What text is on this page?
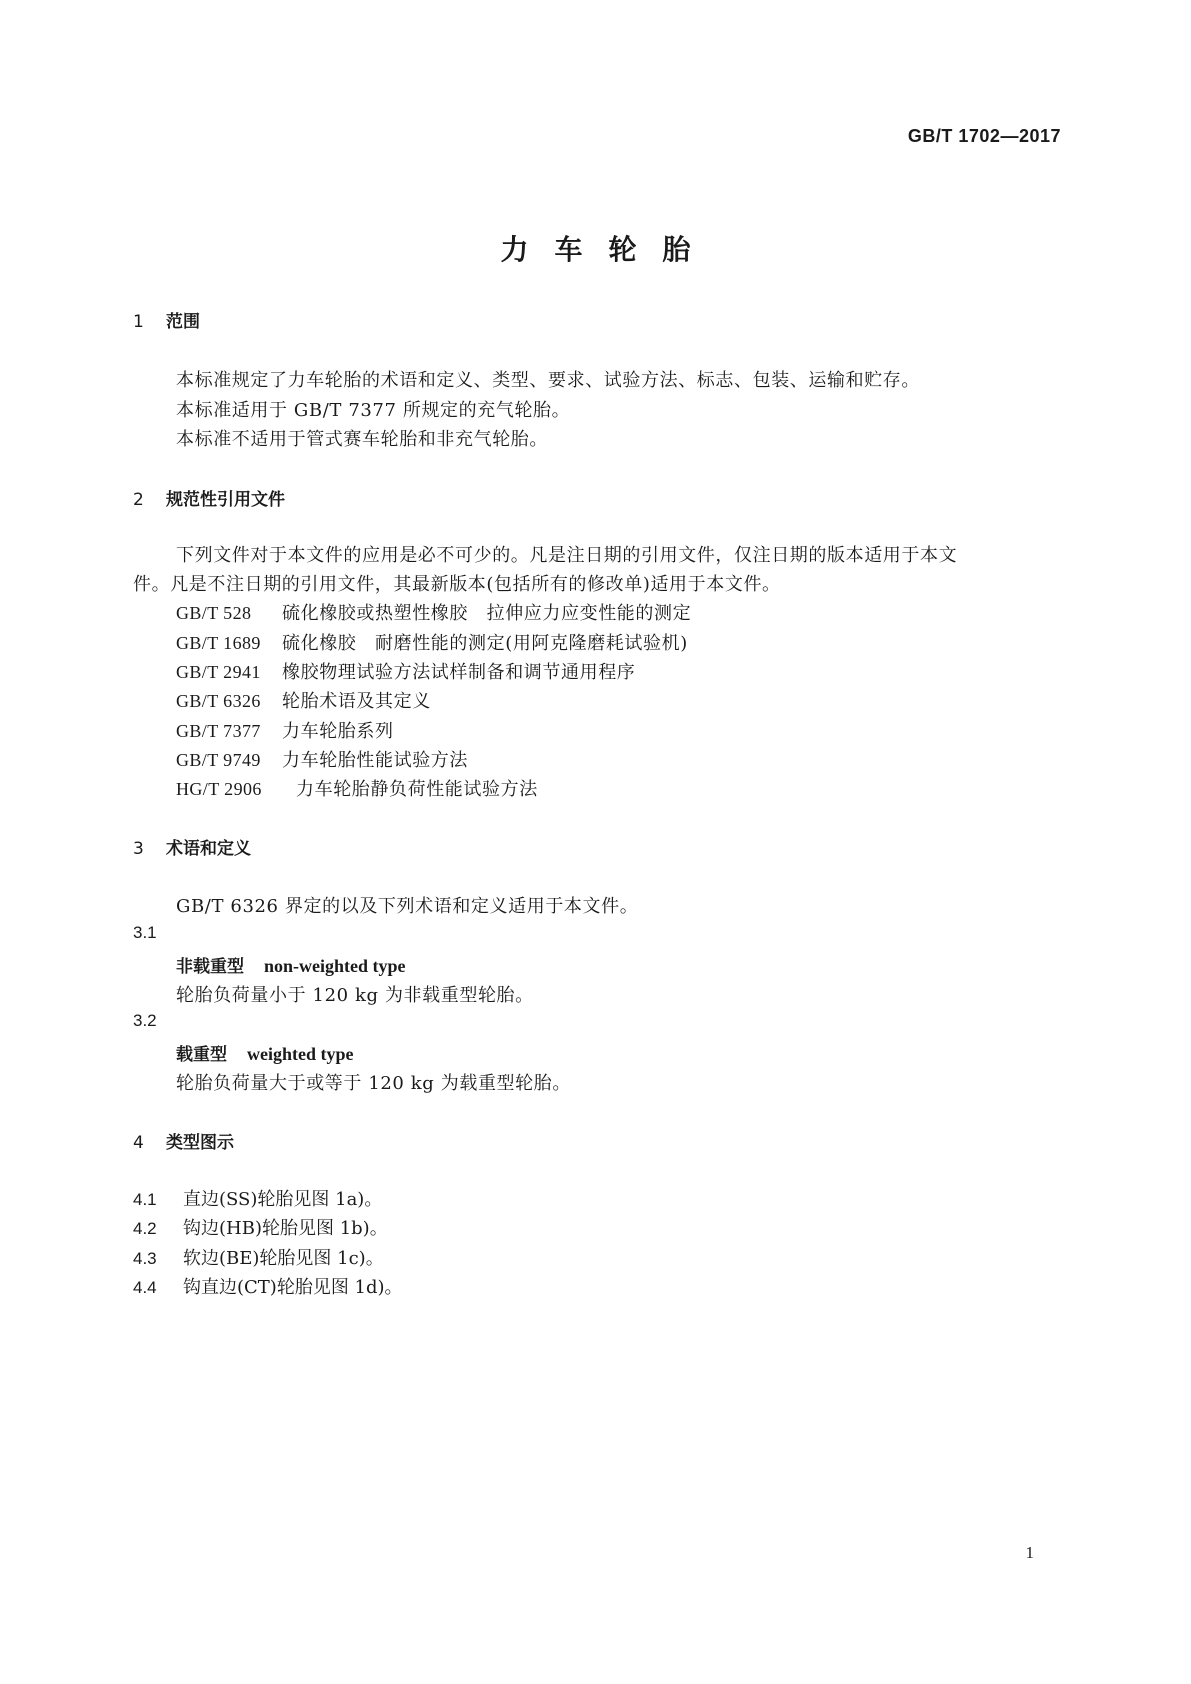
GB/T 1702—2017
力车轮胎
1 范围
本标准规定了力车轮胎的术语和定义、类型、要求、试验方法、标志、包装、运输和贮存。
本标准适用于 GB/T 7377 所规定的充气轮胎。
本标准不适用于管式赛车轮胎和非充气轮胎。
2 规范性引用文件
下列文件对于本文件的应用是必不可少的。凡是注日期的引用文件，仅注日期的版本适用于本文
件。凡是不注日期的引用文件，其最新版本(包括所有的修改单)适用于本文件。
GB/T 528 硫化橡胶或热塑性橡胶　拉伸应力应变性能的测定
GB/T 1689 硫化橡胶　耐磨性能的测定(用阿克隆磨耗试验机)
GB/T 2941 橡胶物理试验方法试样制备和调节通用程序
GB/T 6326 轮胎术语及其定义
GB/T 7377 力车轮胎系列
GB/T 9749 力车轮胎性能试验方法
HG/T 2906 力车轮胎静负荷性能试验方法
3 术语和定义
GB/T 6326 界定的以及下列术语和定义适用于本文件。
3.1
非载重型 non-weighted type
轮胎负荷量小于 120 kg 为非载重型轮胎。
3.2
载重型 weighted type
轮胎负荷量大于或等于 120 kg 为载重型轮胎。
4 类型图示
4.1 直边(SS)轮胎见图 1a)。
4.2 钩边(HB)轮胎见图 1b)。
4.3 软边(BE)轮胎见图 1c)。
4.4 钩直边(CT)轮胎见图 1d)。
1
